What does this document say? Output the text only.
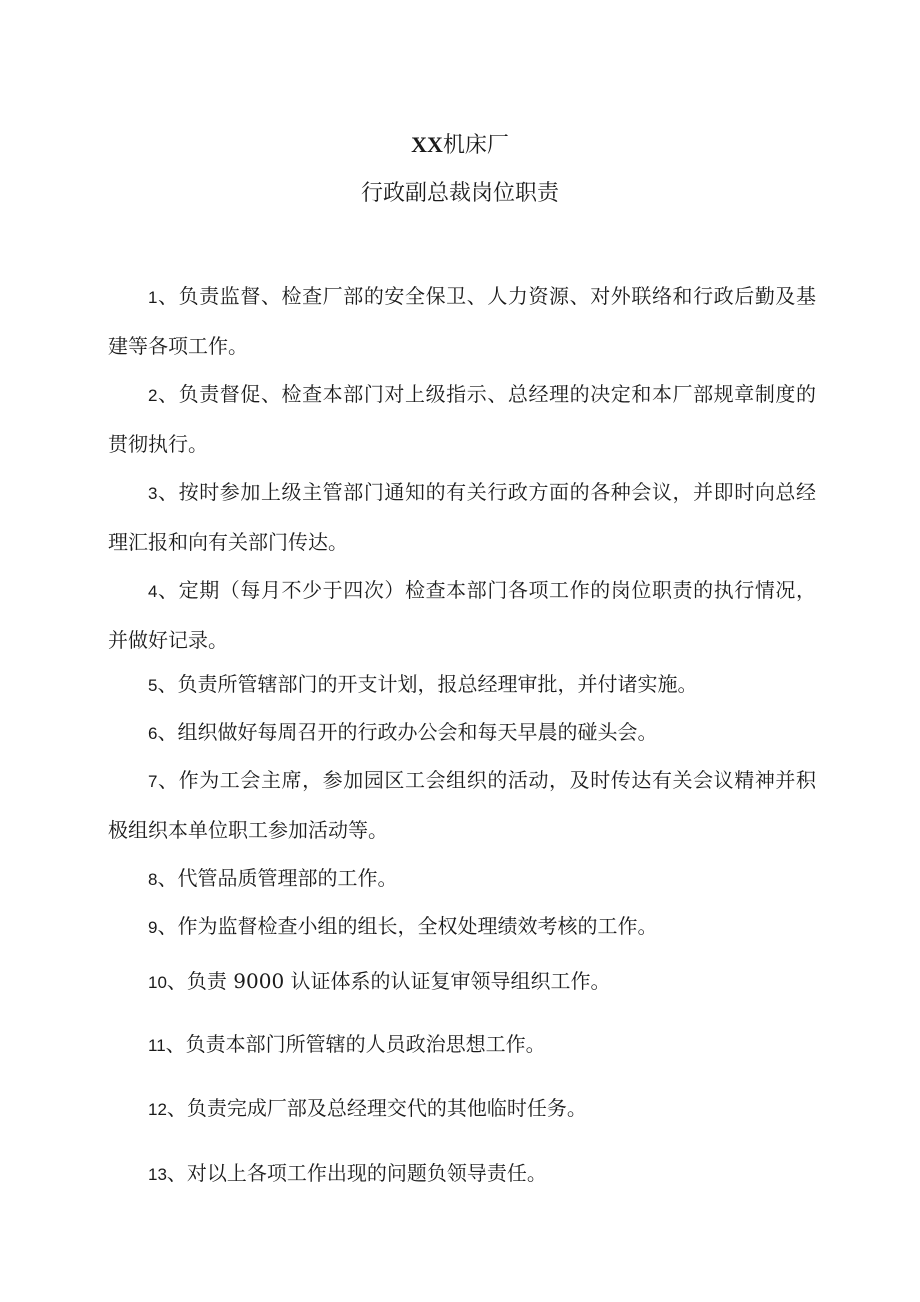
XX机床厂
行政副总裁岗位职责
1、负责监督、检查厂部的安全保卫、人力资源、对外联络和行政后勤及基建等各项工作。
2、负责督促、检查本部门对上级指示、总经理的决定和本厂部规章制度的贯彻执行。
3、按时参加上级主管部门通知的有关行政方面的各种会议，并即时向总经理汇报和向有关部门传达。
4、定期（每月不少于四次）检查本部门各项工作的岗位职责的执行情况，并做好记录。
5、负责所管辖部门的开支计划，报总经理审批，并付诸实施。
6、组织做好每周召开的行政办公会和每天早晨的碰头会。
7、作为工会主席，参加园区工会组织的活动，及时传达有关会议精神并积极组织本单位职工参加活动等。
8、代管品质管理部的工作。
9、作为监督检查小组的组长，全权处理绩效考核的工作。
10、负责 9000 认证体系的认证复审领导组织工作。
11、负责本部门所管辖的人员政治思想工作。
12、负责完成厂部及总经理交代的其他临时任务。
13、对以上各项工作出现的问题负领导责任。
